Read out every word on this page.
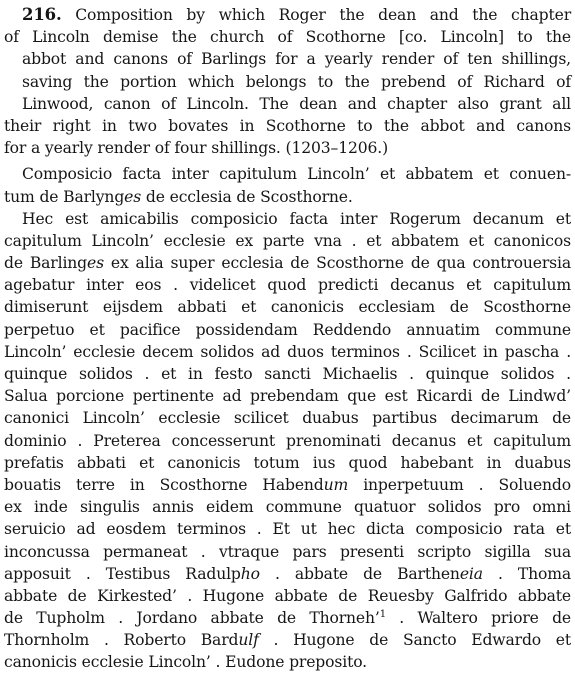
216. Composition by which Roger the dean and the chapter
of Lincoln demise the church of Scothorne [co. Lincoln] to the
abbot and canons of Barlings for a yearly render of ten shillings,
saving the portion which belongs to the prebend of Richard of
Linwood, canon of Lincoln. The dean and chapter also grant all
their right in two bovates in Scothorne to the abbot and canons
for a yearly render of four shillings. (1203–1206.)
Composicio facta inter capitulum Lincoln’ et abbatem et conuen-
tum de Barlynges de ecclesia de Scosthorne.
Hec est amicabilis composicio facta inter Rogerum decanum et
capitulum Lincoln’ ecclesie ex parte vna . et abbatem et canonicos
de Barlinges ex alia super ecclesia de Scosthorne de qua controuersia
agebatur inter eos . videlicet quod predicti decanus et capitulum
dimiserunt eijsdem abbati et canonicis ecclesiam de Scosthorne
perpetuo et pacifice possidendam Reddendo annuatim commune
Lincoln’ ecclesie decem solidos ad duos terminos . Scilicet in pascha .
quinque solidos . et in festo sancti Michaelis . quinque solidos .
Salua porcione pertinente ad prebendam que est Ricardi de Lindwd’
canonici Lincoln’ ecclesie scilicet duabus partibus decimarum de
dominio . Preterea concesserunt prenominati decanus et capitulum
prefatis abbati et canonicis totum ius quod habebant in duabus
bouatis terre in Scosthorne Habendum inperpetuum . Soluendo
ex inde singulis annis eidem commune quatuor solidos pro omni
seruicio ad eosdem terminos . Et ut hec dicta composicio rata et
inconcussa permaneat . vtraque pars presenti scripto sigilla sua
apposuit . Testibus Radulpho . abbate de Bartheneia . Thoma
abbate de Kirkested’ . Hugone abbate de Reuesby Galfrido abbate
de Tupholm . Jordano abbate de Thorneh’$^1$ . Waltero priore de
Thornholm . Roberto Bardulf . Hugone de Sancto Edwardo et
canonicis ecclesie Lincoln’ . Eudone preposito.
